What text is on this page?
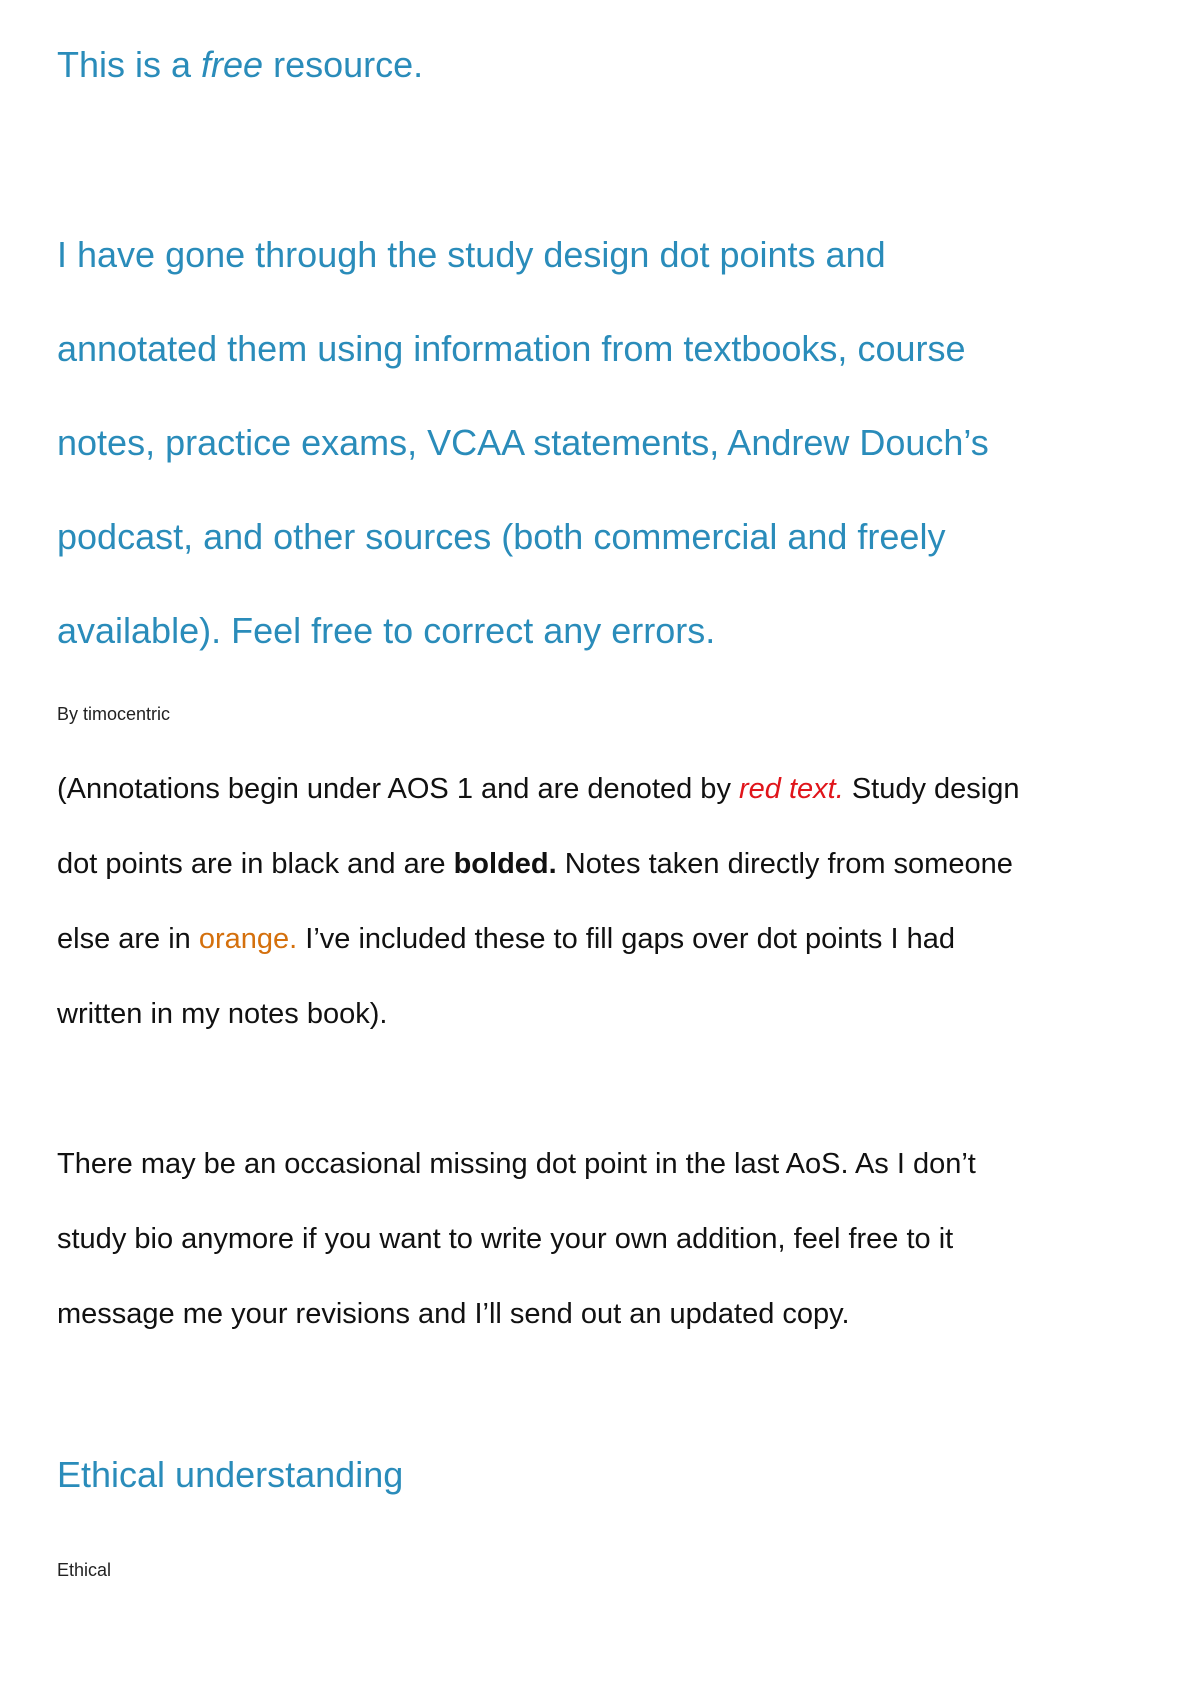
This is a free resource.

I have gone through the study design dot points and
annotated them using information from textbooks, course
notes, practice exams, VCAA statements, Andrew Douch’s
podcast, and other sources (both commercial and freely
available). Feel free to correct any errors.

By timocentric

(Annotations begin under AOS 1 and are denoted by red text. Study design
dot points are in black and are bolded. Notes taken directly from someone
else are in orange. I’ve included these to fill gaps over dot points I had
written in my notes book).

There may be an occasional missing dot point in the last AoS. As I don’t
study bio anymore if you want to write your own addition, feel free to it
message me your revisions and I’ll send out an updated copy.

Ethical understanding

Ethical
